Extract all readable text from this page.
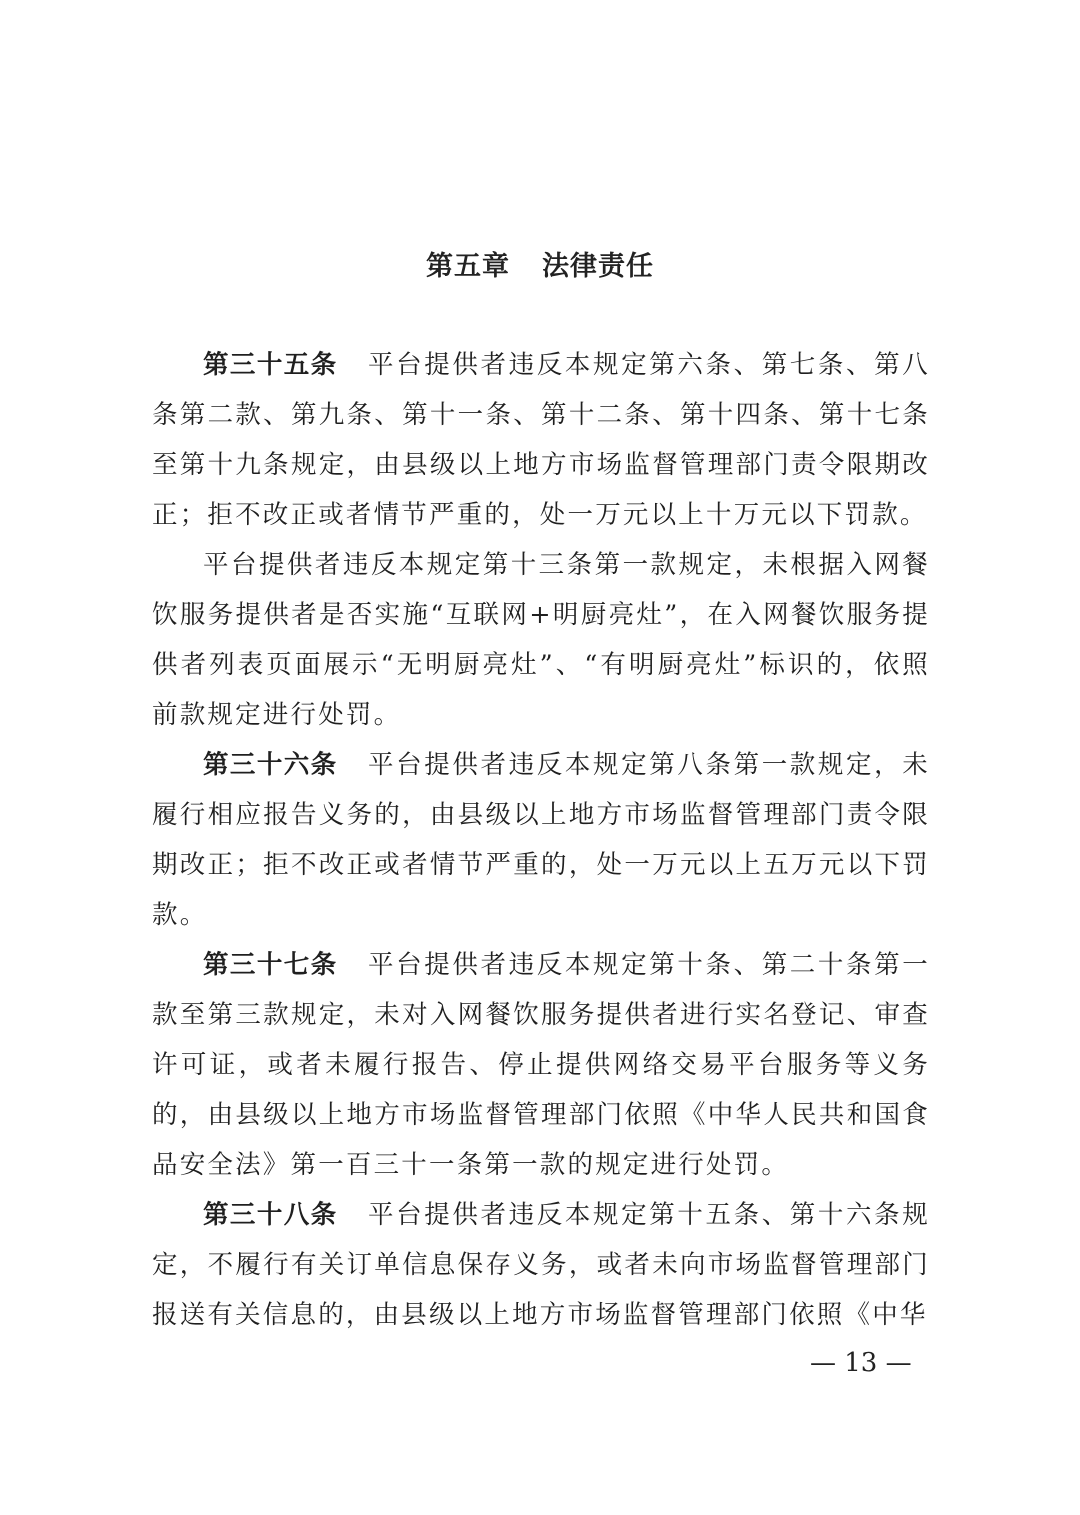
第五章 法律责任

第三十五条 平台提供者违反本规定第六条、第七条、第八条第二款、第九条、第十一条、第十二条、第十四条、第十七条至第十九条规定，由县级以上地方市场监督管理部门责令限期改正；拒不改正或者情节严重的，处一万元以上十万元以下罚款。

平台提供者违反本规定第十三条第一款规定，未根据入网餐饮服务提供者是否实施“互联网+明厨亮灶”，在入网餐饮服务提供者列表页面展示“无明厨亮灶”、“有明厨亮灶”标识的，依照前款规定进行处罚。

第三十六条 平台提供者违反本规定第八条第一款规定，未履行相应报告义务的，由县级以上地方市场监督管理部门责令限期改正；拒不改正或者情节严重的，处一万元以上五万元以下罚款。

第三十七条 平台提供者违反本规定第十条、第二十条第一款至第三款规定，未对入网餐饮服务提供者进行实名登记、审查许可证，或者未履行报告、停止提供网络交易平台服务等义务的，由县级以上地方市场监督管理部门依照《中华人民共和国食品安全法》第一百三十一条第一款的规定进行处罚。

第三十八条 平台提供者违反本规定第十五条、第十六条规定，不履行有关订单信息保存义务，或者未向市场监督管理部门报送有关信息的，由县级以上地方市场监督管理部门依照《中华

— 13 —
